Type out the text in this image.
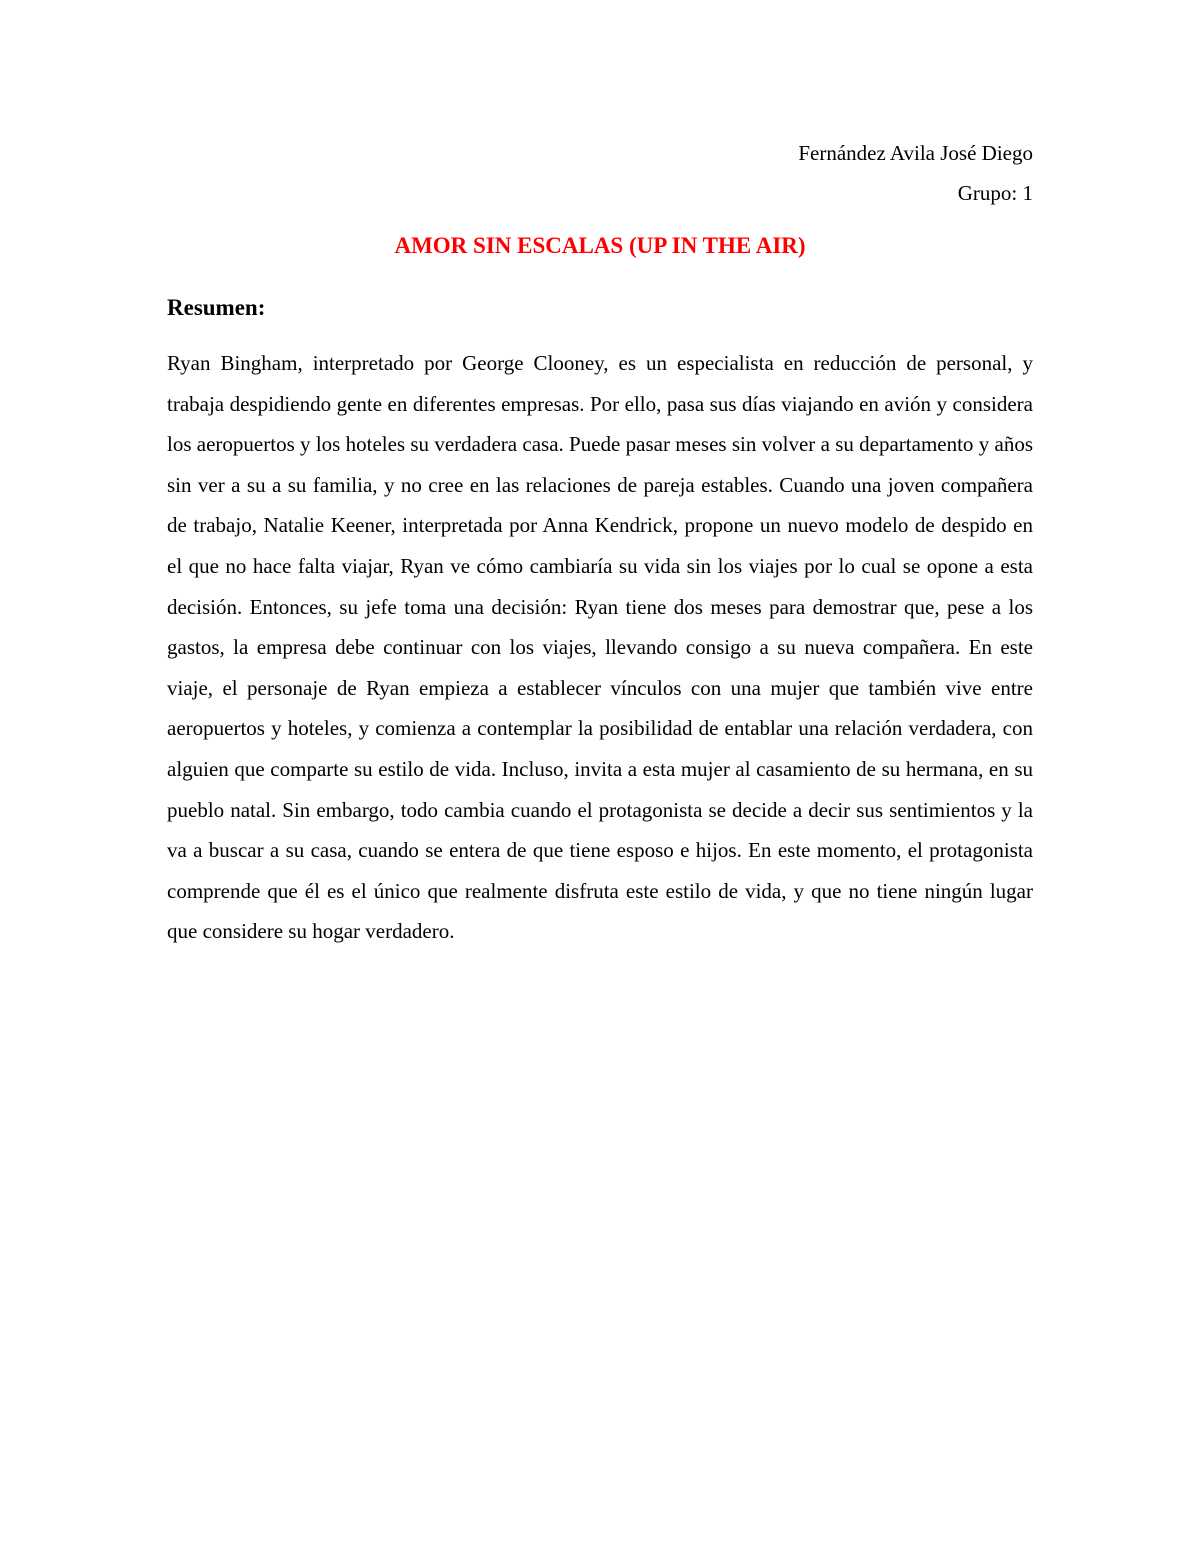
Fernández Avila José Diego

Grupo: 1

AMOR SIN ESCALAS (UP IN THE AIR)
Resumen:

Ryan Bingham, interpretado por George Clooney, es un especialista en reducción de personal, y trabaja despidiendo gente en diferentes empresas. Por ello, pasa sus días viajando en avión y considera los aeropuertos y los hoteles su verdadera casa. Puede pasar meses sin volver a su departamento y años sin ver a su a su familia, y no cree en las relaciones de pareja estables. Cuando una joven compañera de trabajo, Natalie Keener, interpretada por Anna Kendrick, propone un nuevo modelo de despido en el que no hace falta viajar, Ryan ve cómo cambiaría su vida sin los viajes por lo cual se opone a esta decisión. Entonces, su jefe toma una decisión: Ryan tiene dos meses para demostrar que, pese a los gastos, la empresa debe continuar con los viajes, llevando consigo a su nueva compañera. En este viaje, el personaje de Ryan empieza a establecer vínculos con una mujer que también vive entre aeropuertos y hoteles, y comienza a contemplar la posibilidad de entablar una relación verdadera, con alguien que comparte su estilo de vida. Incluso, invita a esta mujer al casamiento de su hermana, en su pueblo natal. Sin embargo, todo cambia cuando el protagonista se decide a decir sus sentimientos y la va a buscar a su casa, cuando se entera de que tiene esposo e hijos. En este momento, el protagonista comprende que él es el único que realmente disfruta este estilo de vida, y que no tiene ningún lugar que considere su hogar verdadero.
